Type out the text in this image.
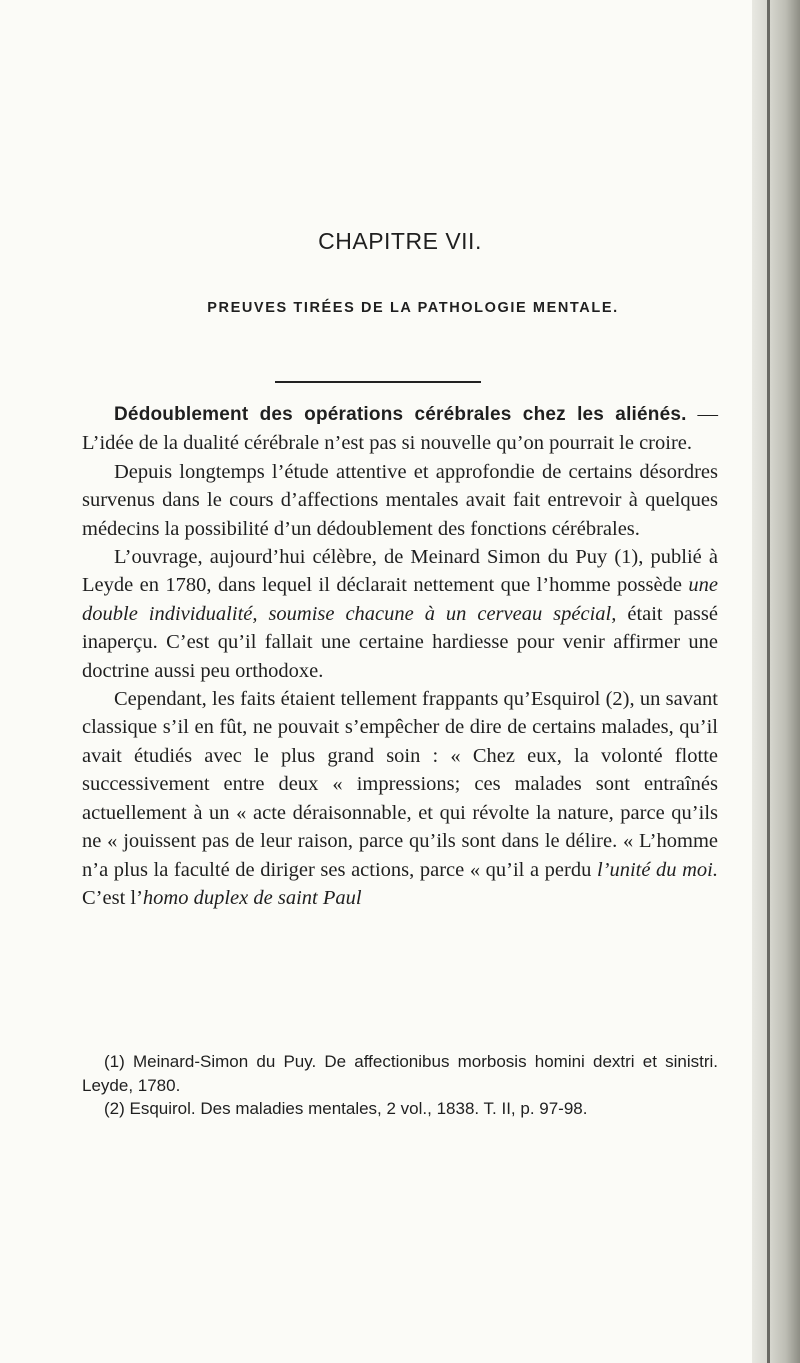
CHAPITRE VII.
PREUVES TIRÉES DE LA PATHOLOGIE MENTALE.

Dédoublement des opérations cérébrales chez les aliénés. — L’idée de la dualité cérébrale n’est pas si nouvelle qu’on pourrait le croire.

Depuis longtemps l’étude attentive et approfondie de certains désordres survenus dans le cours d’affections mentales avait fait entrevoir à quelques médecins la possibilité d’un dédoublement des fonctions cérébrales.

L’ouvrage, aujourd’hui célèbre, de Meinard Simon du Puy (1), publié à Leyde en 1780, dans lequel il déclarait nettement que l’homme possède une double individualité, soumise chacune à un cerveau spécial, était passé inaperçu. C’est qu’il fallait une certaine hardiesse pour venir affirmer une doctrine aussi peu orthodoxe.

Cependant, les faits étaient tellement frappants qu’Esquirol (2), un savant classique s’il en fût, ne pouvait s’empêcher de dire de certains malades, qu’il avait étudiés avec le plus grand soin : « Chez eux, la volonté flotte successivement entre deux « impressions; ces malades sont entraînés actuellement à un « acte déraisonnable, et qui révolte la nature, parce qu’ils ne « jouissent pas de leur raison, parce qu’ils sont dans le délire. « L’homme n’a plus la faculté de diriger ses actions, parce « qu’il a perdu l’unité du moi. C’est l’homo duplex de saint Paul

(1) Meinard-Simon du Puy. De affectionibus morbosis homini dextri et sinistri. Leyde, 1780.

(2) Esquirol. Des maladies mentales, 2 vol., 1838. T. II, p. 97-98.
